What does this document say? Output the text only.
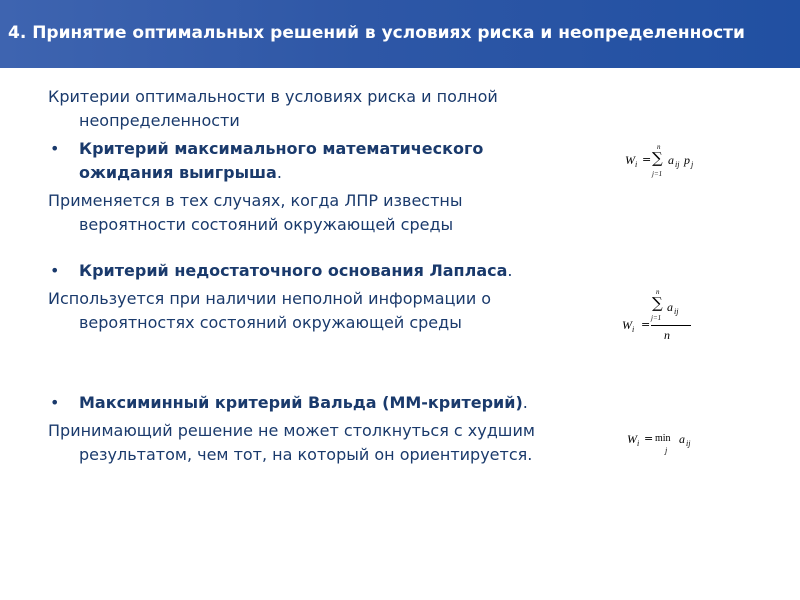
4. Принятие оптимальных решений в условиях риска и неопределенности

Критерии оптимальности в условиях риска и полной неопределенности

• Критерий максимального математического ожидания выигрыша.

Применяется в тех случаях, когда ЛПР известны вероятности состояний окружающей среды

• Критерий недостаточного основания Лапласа.

Используется при наличии неполной информации о вероятностях состояний окружающей среды

• Максиминный критерий Вальда (ММ-критерий).

Принимающий решение не может столкнуться с худшим результатом, чем тот, на который он ориентируется.

W i =
n
∑
j=1
a ij p j
W i =
n
∑
j=1
a ij
n
W i = min
j
a ij
